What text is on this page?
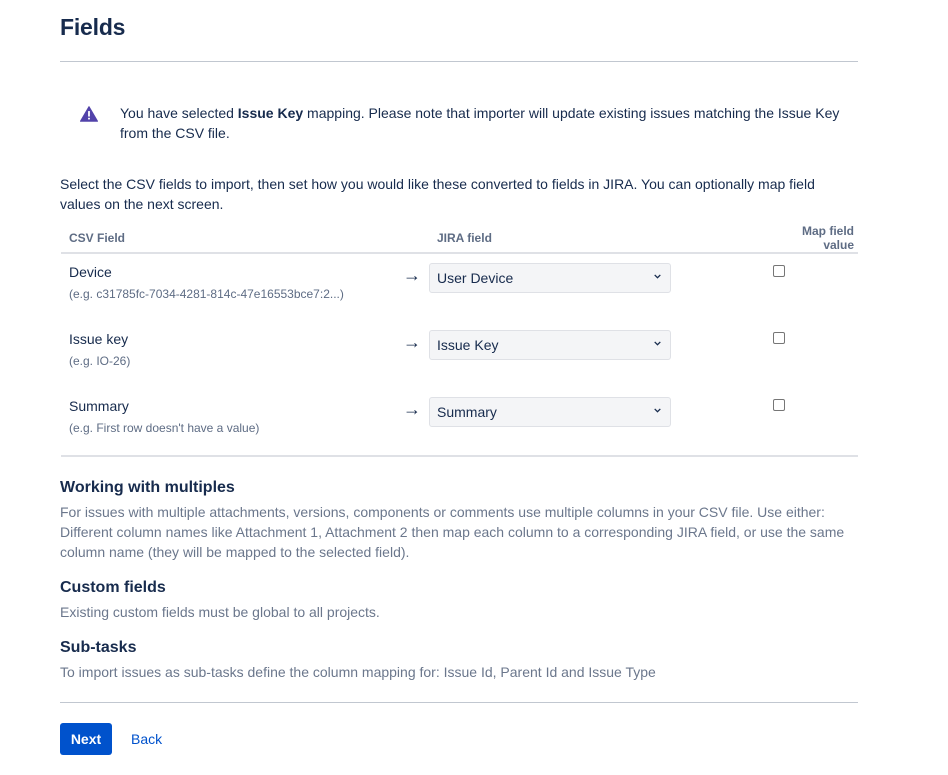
Fields
You have selected Issue Key mapping. Please note that importer will update existing issues matching the Issue Key from the CSV file.
Select the CSV fields to import, then set how you would like these converted to fields in JIRA. You can optionally map field values on the next screen.
CSV Field		JIRA field	Map field value

Device
(e.g. c31785fc-7034-4281-814c-47e16553bce7:2...)	→	User Device	

Issue key
(e.g. IO-26)	→	Issue Key	

Summary
(e.g. First row doesn't have a value)	→	Summary	

Working with multiples
For issues with multiple attachments, versions, components or comments use multiple columns in your CSV file. Use either: Different column names like Attachment 1, Attachment 2 then map each column to a corresponding JIRA field, or use the same column name (they will be mapped to the selected field).
Custom fields
Existing custom fields must be global to all projects.
Sub-tasks
To import issues as sub-tasks define the column mapping for: Issue Id, Parent Id and Issue Type
Next	Back
